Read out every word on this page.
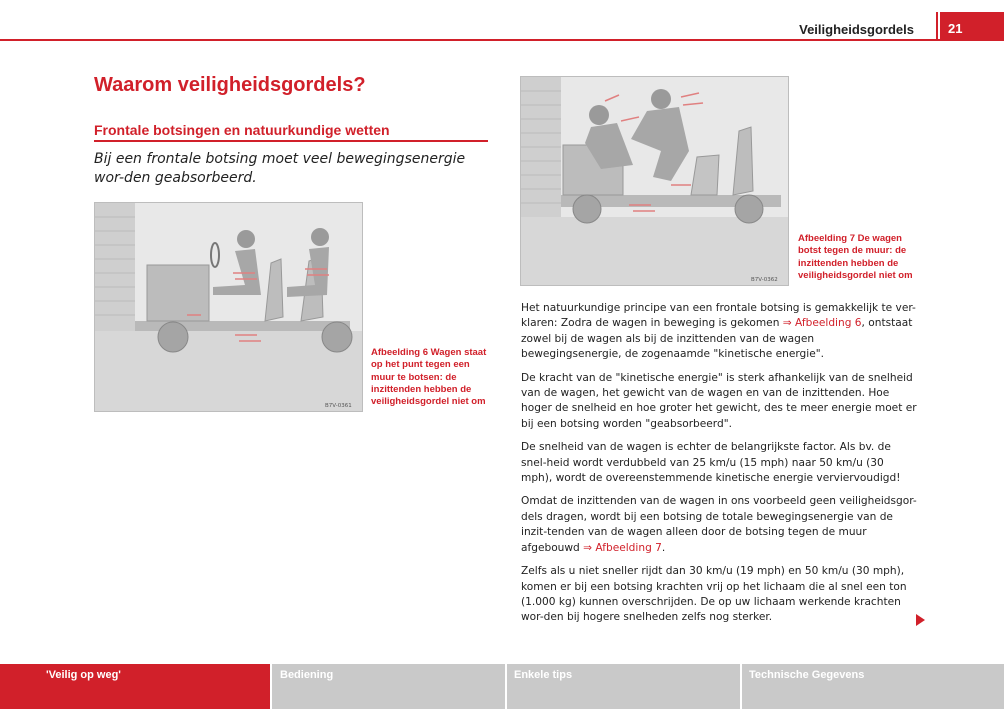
Veiligheidsgordels	21
Waarom veiligheidsgordels?
Frontale botsingen en natuurkundige wetten
Bij een frontale botsing moet veel bewegingsenergie wor-den geabsorbeerd.
B7V-0361
Afbeelding 6 Wagen staat op het punt tegen een muur te botsen: de inzittenden hebben de veiligheidsgordel niet om
B7V-0362
Afbeelding 7 De wagen botst tegen de muur: de inzittenden hebben de veiligheidsgordel niet om

Het natuurkundige principe van een frontale botsing is gemakkelijk te ver-klaren: Zodra de wagen in beweging is gekomen ⇒ Afbeelding 6, ontstaat zowel bij de wagen als bij de inzittenden van de wagen bewegingsenergie, de zogenaamde "kinetische energie".

De kracht van de "kinetische energie" is sterk afhankelijk van de snelheid van de wagen, het gewicht van de wagen en van de inzittenden. Hoe hoger de snelheid en hoe groter het gewicht, des te meer energie moet er bij een botsing worden "geabsorbeerd".

De snelheid van de wagen is echter de belangrijkste factor. Als bv. de snel-heid wordt verdubbeld van 25 km/u (15 mph) naar 50 km/u (30 mph), wordt de overeenstemmende kinetische energie verviervoudigd!

Omdat de inzittenden van de wagen in ons voorbeeld geen veiligheidsgor-dels dragen, wordt bij een botsing de totale bewegingsenergie van de inzit-tenden van de wagen alleen door de botsing tegen de muur afgebouwd ⇒ Afbeelding 7.

Zelfs als u niet sneller rijdt dan 30 km/u (19 mph) en 50 km/u (30 mph), komen er bij een botsing krachten vrij op het lichaam die al snel een ton (1.000 kg) kunnen overschrijden. De op uw lichaam werkende krachten wor-den bij hogere snelheden zelfs nog sterker.

'Veilig op weg'	Bediening	Enkele tips	Technische Gegevens
